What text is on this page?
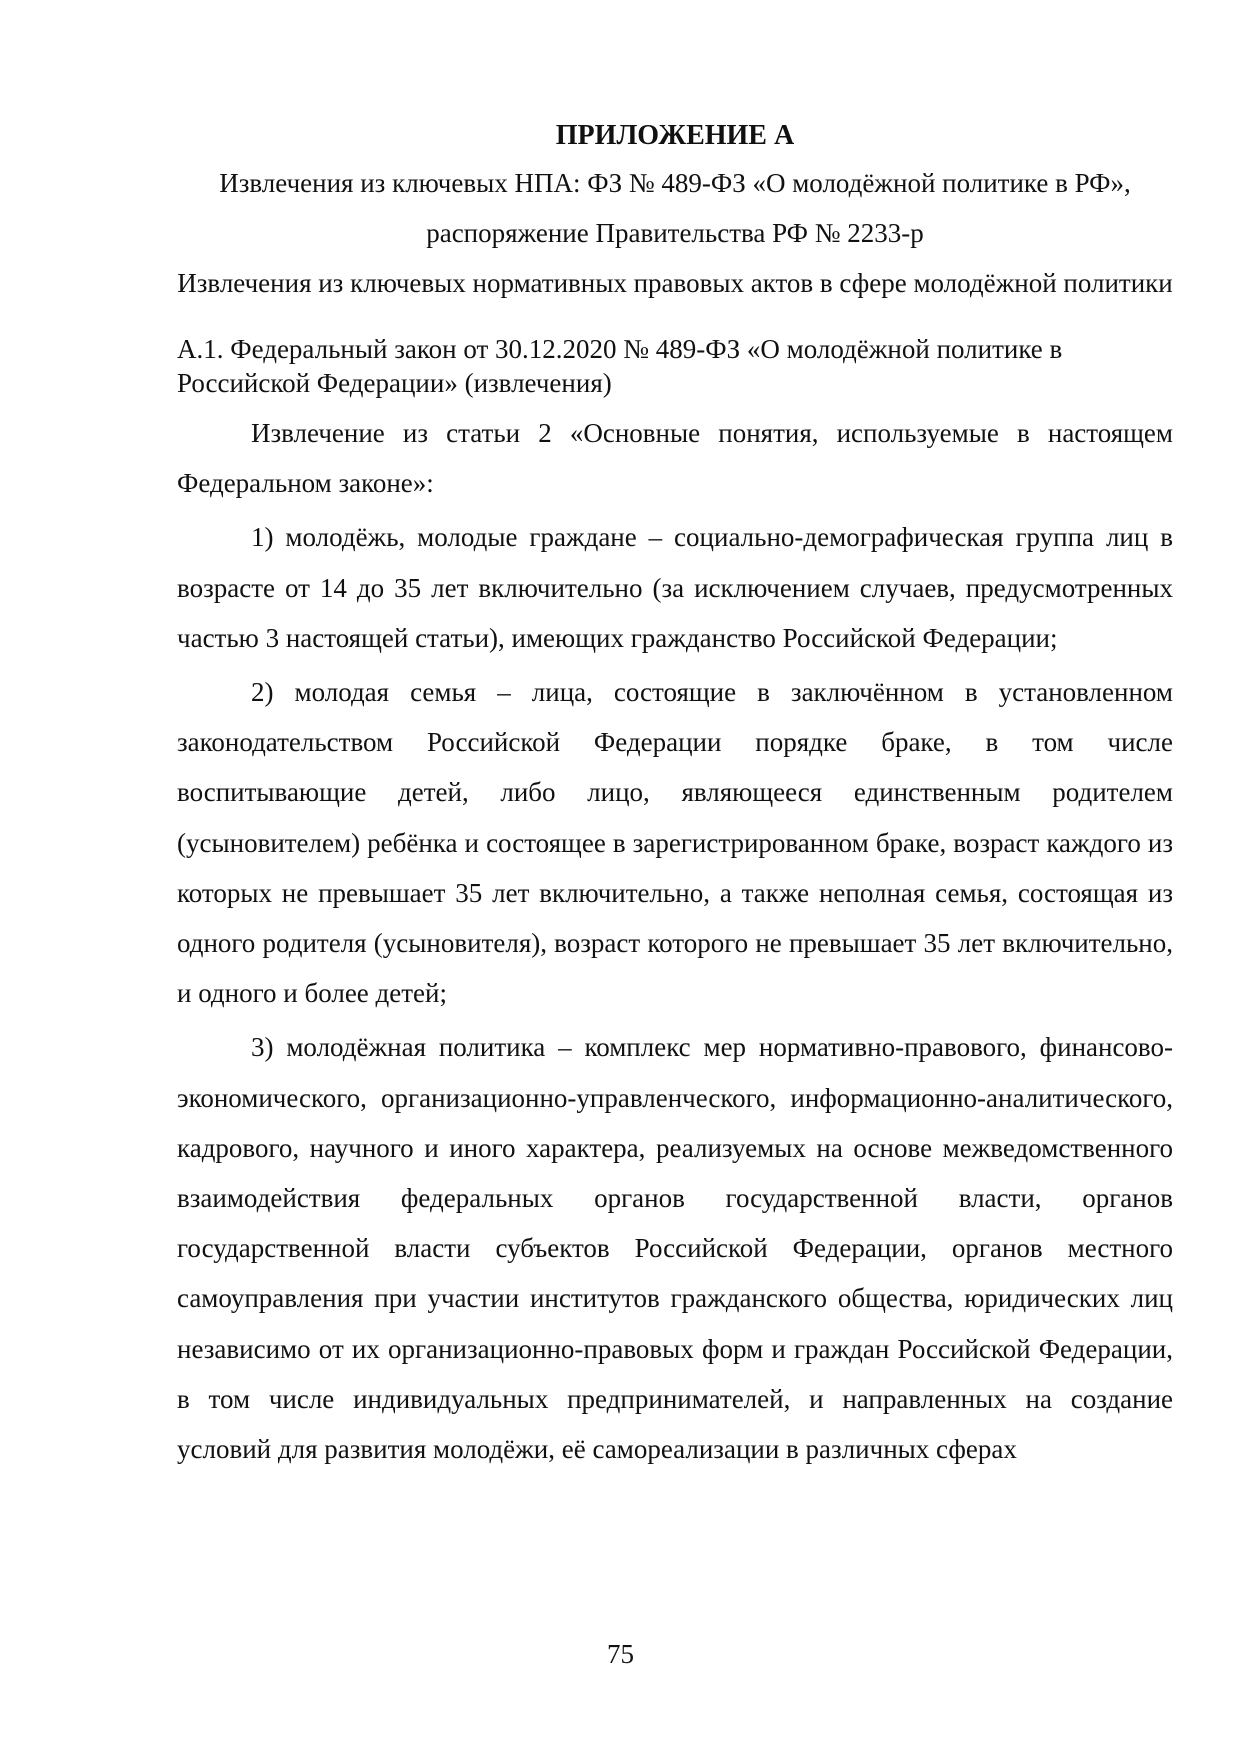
ПРИЛОЖЕНИЕ А

Извлечения из ключевых НПА: ФЗ № 489-ФЗ «О молодёжной политике в РФ»,

распоряжение Правительства РФ № 2233-р

Извлечения из ключевых нормативных правовых актов в сфере молодёжной политики

А.1. Федеральный закон от 30.12.2020 № 489-ФЗ «О молодёжной политике в Российской Федерации» (извлечения)

Извлечение из статьи 2 «Основные понятия, используемые в настоящем Федеральном законе»:

1) молодёжь, молодые граждане – социально-демографическая группа лиц в возрасте от 14 до 35 лет включительно (за исключением случаев, предусмотренных частью 3 настоящей статьи), имеющих гражданство Российской Федерации;

2) молодая семья – лица, состоящие в заключённом в установленном законодательством Российской Федерации порядке браке, в том числе воспитывающие детей, либо лицо, являющееся единственным родителем (усыновителем) ребёнка и состоящее в зарегистрированном браке, возраст каждого из которых не превышает 35 лет включительно, а также неполная семья, состоящая из одного родителя (усыновителя), возраст которого не превышает 35 лет включительно, и одного и более детей;

3) молодёжная политика – комплекс мер нормативно-правового, финансово-экономического, организационно-управленческого, информационно-аналитического, кадрового, научного и иного характера, реализуемых на основе межведомственного взаимодействия федеральных органов государственной власти, органов государственной власти субъектов Российской Федерации, органов местного самоуправления при участии институтов гражданского общества, юридических лиц независимо от их организационно-правовых форм и граждан Российской Федерации, в том числе индивидуальных предпринимателей, и направленных на создание условий для развития молодёжи, её самореализации в различных сферах

75
